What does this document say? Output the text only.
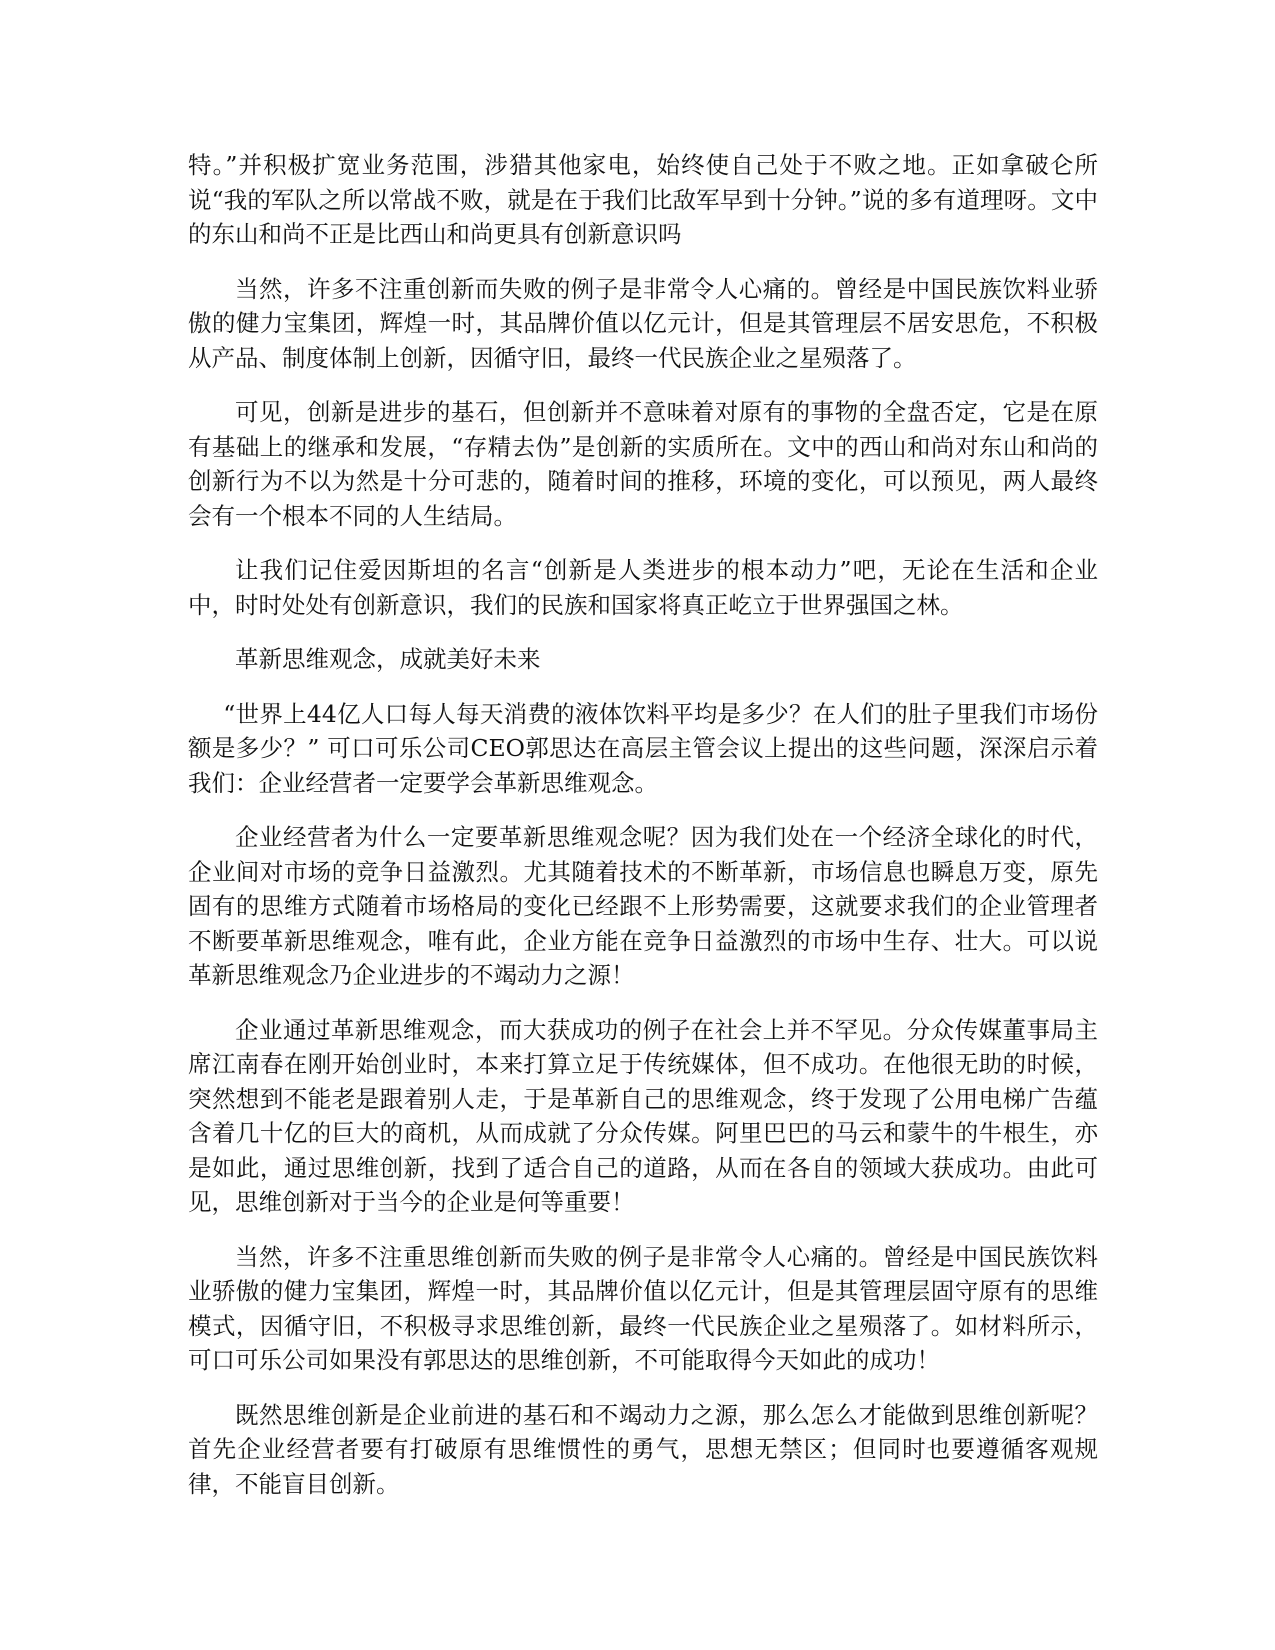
特。”并积极扩宽业务范围，涉猎其他家电，始终使自己处于不败之地。正如拿破仑所说“我的军队之所以常战不败，就是在于我们比敌军早到十分钟。”说的多有道理呀。文中的东山和尚不正是比西山和尚更具有创新意识吗

当然，许多不注重创新而失败的例子是非常令人心痛的。曾经是中国民族饮料业骄傲的健力宝集团，辉煌一时，其品牌价值以亿元计，但是其管理层不居安思危，不积极从产品、制度体制上创新，因循守旧，最终一代民族企业之星殒落了。

可见，创新是进步的基石，但创新并不意味着对原有的事物的全盘否定，它是在原有基础上的继承和发展，“存精去伪”是创新的实质所在。文中的西山和尚对东山和尚的创新行为不以为然是十分可悲的，随着时间的推移，环境的变化，可以预见，两人最终会有一个根本不同的人生结局。

让我们记住爱因斯坦的名言“创新是人类进步的根本动力”吧，无论在生活和企业中，时时处处有创新意识，我们的民族和国家将真正屹立于世界强国之林。

革新思维观念，成就美好未来

“世界上44亿人口每人每天消费的液体饮料平均是多少？在人们的肚子里我们市场份额是多少？” 可口可乐公司CEO郭思达在高层主管会议上提出的这些问题，深深启示着我们：企业经营者一定要学会革新思维观念。

企业经营者为什么一定要革新思维观念呢？因为我们处在一个经济全球化的时代，企业间对市场的竞争日益激烈。尤其随着技术的不断革新，市场信息也瞬息万变，原先固有的思维方式随着市场格局的变化已经跟不上形势需要，这就要求我们的企业管理者不断要革新思维观念，唯有此，企业方能在竞争日益激烈的市场中生存、壮大。可以说革新思维观念乃企业进步的不竭动力之源！

企业通过革新思维观念，而大获成功的例子在社会上并不罕见。分众传媒董事局主席江南春在刚开始创业时，本来打算立足于传统媒体，但不成功。在他很无助的时候，突然想到不能老是跟着别人走，于是革新自己的思维观念，终于发现了公用电梯广告蕴含着几十亿的巨大的商机，从而成就了分众传媒。阿里巴巴的马云和蒙牛的牛根生，亦是如此，通过思维创新，找到了适合自己的道路，从而在各自的领域大获成功。由此可见，思维创新对于当今的企业是何等重要！

当然，许多不注重思维创新而失败的例子是非常令人心痛的。曾经是中国民族饮料业骄傲的健力宝集团，辉煌一时，其品牌价值以亿元计，但是其管理层固守原有的思维模式，因循守旧，不积极寻求思维创新，最终一代民族企业之星殒落了。如材料所示，可口可乐公司如果没有郭思达的思维创新，不可能取得今天如此的成功！

既然思维创新是企业前进的基石和不竭动力之源，那么怎么才能做到思维创新呢？首先企业经营者要有打破原有思维惯性的勇气，思想无禁区；但同时也要遵循客观规律，不能盲目创新。
